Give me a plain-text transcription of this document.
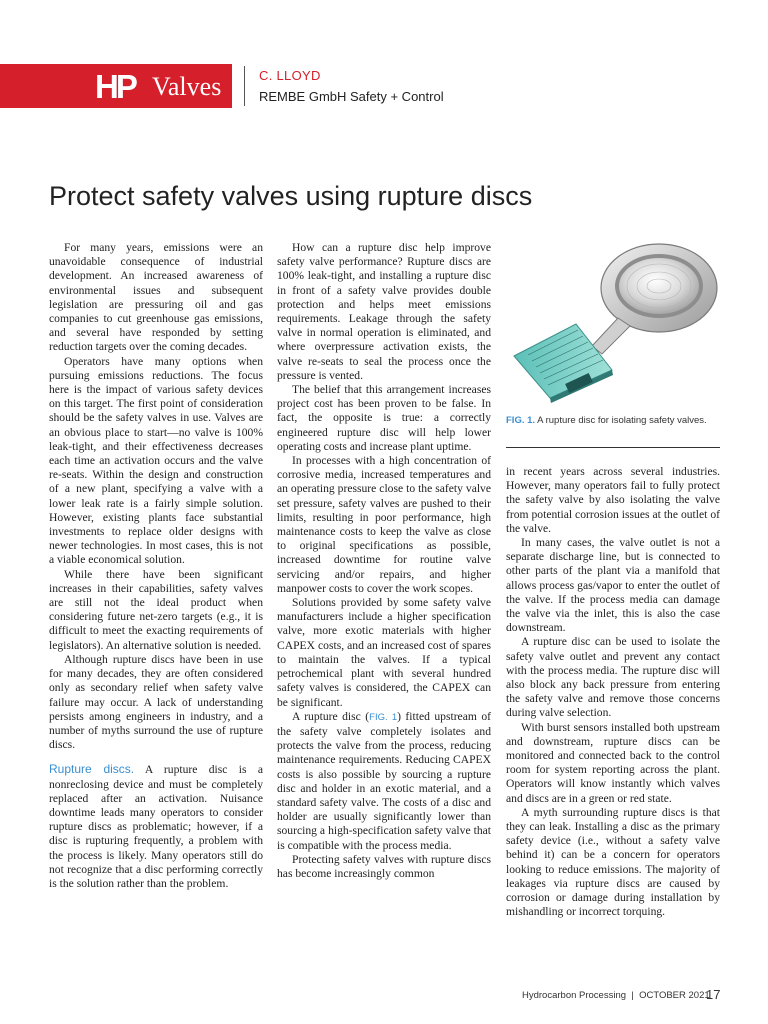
HP Valves	C. LLOYD
REMBE GmbH Safety + Control
Protect safety valves using rupture discs

For many years, emissions were an unavoidable consequence of industrial development. An increased awareness of environmental issues and subsequent legislation are pressuring oil and gas companies to cut greenhouse gas emissions, and several have responded by setting reduction targets over the coming decades.

Operators have many options when pursuing emissions reductions. The focus here is the impact of various safety devices on this target. The first point of consideration should be the safety valves in use. Valves are an obvious place to start—no valve is 100% leak-tight, and their effectiveness decreases each time an activation occurs and the valve re-seats. Within the design and construction of a new plant, specifying a valve with a lower leak rate is a fairly simple solution. However, existing plants face substantial investments to replace older designs with newer technologies. In most cases, this is not a viable economical solution.

While there have been significant increases in their capabilities, safety valves are still not the ideal product when considering future net-zero targets (e.g., it is difficult to meet the exacting requirements of legislators). An alternative solution is needed.

Although rupture discs have been in use for many decades, they are often considered only as secondary relief when safety valve failure may occur. A lack of understanding persists among engineers in industry, and a number of myths surround the use of rupture discs.

Rupture discs. A rupture disc is a nonreclosing device and must be completely replaced after an activation. Nuisance downtime leads many operators to consider rupture discs as problematic; however, if a disc is rupturing frequently, a problem with the process is likely. Many operators still do not recognize that a disc performing correctly is the solution rather than the problem.

How can a rupture disc help improve safety valve performance? Rupture discs are 100% leak-tight, and installing a rupture disc in front of a safety valve provides double protection and helps meet emissions requirements. Leakage through the safety valve in normal operation is eliminated, and where overpressure activation exists, the valve re-seats to seal the process once the pressure is vented.

The belief that this arrangement increases project cost has been proven to be false. In fact, the opposite is true: a correctly engineered rupture disc will help lower operating costs and increase plant uptime.

In processes with a high concentration of corrosive media, increased temperatures and an operating pressure close to the safety valve set pressure, safety valves are pushed to their limits, resulting in poor performance, high maintenance costs to keep the valve as close to original specifications as possible, increased downtime for routine valve servicing and/or repairs, and higher manpower costs to cover the work scopes.

Solutions provided by some safety valve manufacturers include a higher specification valve, more exotic materials with higher CAPEX costs, and an increased cost of spares to maintain the valves. If a typical petrochemical plant with several hundred safety valves is considered, the CAPEX can be significant.

A rupture disc (FIG. 1) fitted upstream of the safety valve completely isolates and protects the valve from the process, reducing maintenance requirements. Reducing CAPEX costs is also possible by sourcing a rupture disc and holder in an exotic material, and a standard safety valve. The costs of a disc and holder are usually significantly lower than sourcing a high-specification safety valve that is compatible with the process media.

Protecting safety valves with rupture discs has become increasingly common

FIG. 1. A rupture disc for isolating safety valves.

in recent years across several industries. However, many operators fail to fully protect the safety valve by also isolating the valve from potential corrosion issues at the outlet of the valve.

In many cases, the valve outlet is not a separate discharge line, but is connected to other parts of the plant via a manifold that allows process gas/vapor to enter the outlet of the valve. If the process media can damage the valve via the inlet, this is also the case downstream.

A rupture disc can be used to isolate the safety valve outlet and prevent any contact with the process media. The rupture disc will also block any back pressure from entering the safety valve and remove those concerns during valve selection.

With burst sensors installed both upstream and downstream, rupture discs can be monitored and connected back to the control room for system reporting across the plant. Operators will know instantly which valves and discs are in a green or red state.

A myth surrounding rupture discs is that they can leak. Installing a disc as the primary safety device (i.e., without a safety valve behind it) can be a concern for operators looking to reduce emissions. The majority of leakages via rupture discs are caused by corrosion or damage during installation by mishandling or incorrect torquing.

Hydrocarbon Processing | OCTOBER 2021
17
